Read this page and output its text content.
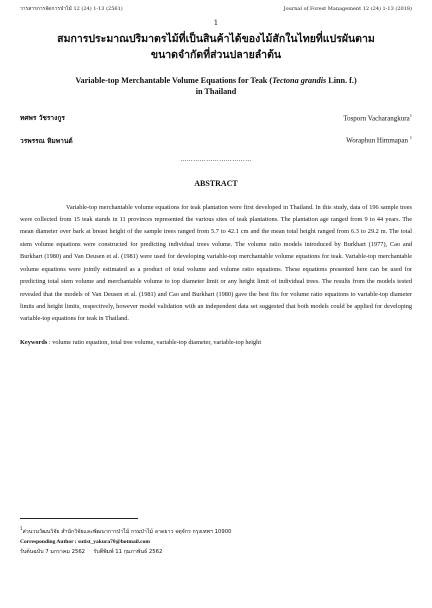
วารสารการจัดการป่าไม้ 12 (24) 1-13 (2561)	Journal of Forest Management 12 (24) 1-13 (2018)
1
สมการประมาณปริมาตรไม้ที่เป็นสินค้าได้ของไม้สักในไทยที่แปรผันตาม
ขนาดจำกัดที่ส่วนปลายลำต้น
Variable-top Merchantable Volume Equations for Teak (Tectona grandis Linn. f.)
in Thailand
ทศพร วัชรางกูร	Tosporn Vacharangkura$^1$
วรพรรณ หิมพานต์	Woraphun Himmapan $^1$
……………………………
ABSTRACT

Variable-top merchantable volume equations for teak plantation were first developed in Thailand. In this study, data of 196 sample trees were collected from 15 teak stands in 11 provinces represented the various sites of teak plantations. The plantation age ranged from 9 to 44 years. The mean diameter over bark at breast height of the sample trees ranged from 5.7 to 42.1 cm and the mean total height ranged from 6.3 to 29.2 m. The total stem volume equations were constructed for predicting individual trees volume. The volume ratio models introduced by Burkhart (1977), Cao and Burkhart (1980) and Van Deusen et al. (1981) were used for developing variable-top merchantable volume equations for teak. Variable-top merchantable volume equations were jointly estimated as a product of total volume and volume ratio equations. These equations presented here can be used for predicting total stem volume and merchantable volume to top diameter limit or any height limit of individual trees. The results from the models tested revealed that the models of Van Deusen et al. (1981) and Cao and Burkhart (1980) gave the best fits for volume ratio equations to variable-top diameter limits and height limits, respectively, however model validation with an independent data set suggested that both models could be applied for developing variable-top equations for teak in Thailand.

Keywords : volume ratio equation, total tree volume, variable-top diameter, variable-top height
$^1$ส่วนวนวัฒนวิจัย สำนักวิจัยและพัฒนาการป่าไม้ กรมป่าไม้ ลาดยาว จตุจักร กรุงเทพฯ 10900
Corresponding Author : sutist_yakura70@hotmail.com
รับต้นฉบับ 7 มกราคม 2562 รับตีพิมพ์ 11 กุมภาพันธ์ 2562
